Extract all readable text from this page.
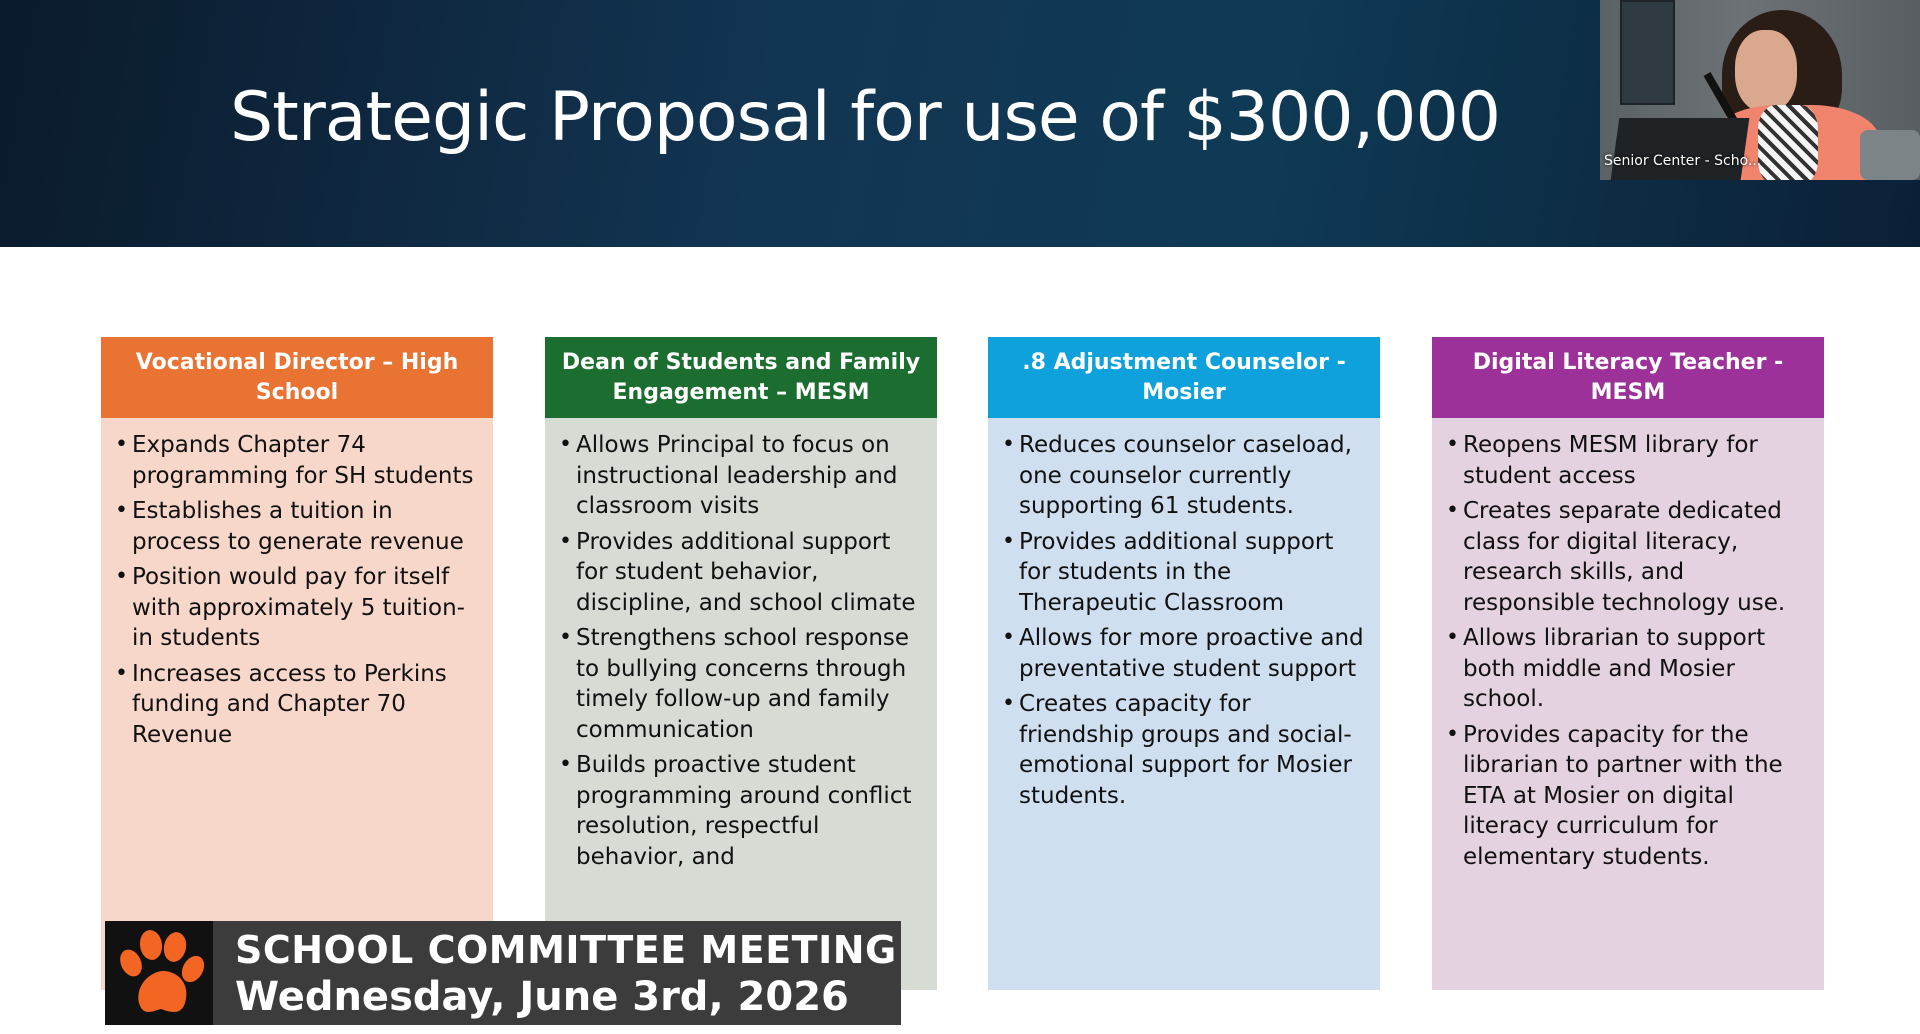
Strategic Proposal for use of $300,000
Senior Center - Scho...
Vocational Director – High School
• Expands Chapter 74 programming for SH students
• Establishes a tuition in process to generate revenue
• Position would pay for itself with approximately 5 tuition-in students
• Increases access to Perkins funding and Chapter 70 Revenue
Dean of Students and Family Engagement – MESM
• Allows Principal to focus on instructional leadership and classroom visits
• Provides additional support for student behavior, discipline, and school climate
• Strengthens school response to bullying concerns through timely follow-up and family communication
• Builds proactive student programming around conflict resolution, respectful behavior, and
.8 Adjustment Counselor - Mosier
• Reduces counselor caseload, one counselor currently supporting 61 students.
• Provides additional support for students in the Therapeutic Classroom
• Allows for more proactive and preventative student support
• Creates capacity for friendship groups and social-emotional support for Mosier students.
Digital Literacy Teacher - MESM
• Reopens MESM library for student access
• Creates separate dedicated class for digital literacy, research skills, and responsible technology use.
• Allows librarian to support both middle and Mosier school.
• Provides capacity for the librarian to partner with the ETA at Mosier on digital literacy curriculum for elementary students.
SCHOOL COMMITTEE MEETING
Wednesday, June 3rd, 2026
